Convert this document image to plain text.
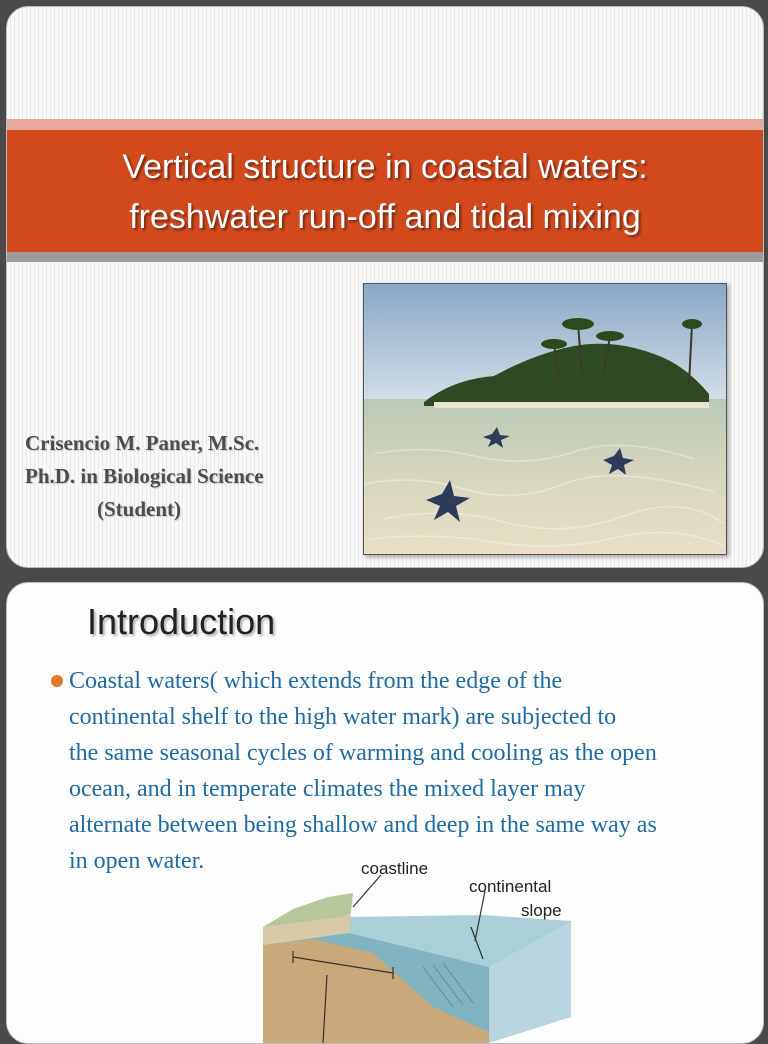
Vertical structure in coastal waters:
freshwater run-off and tidal mixing
Crisencio M. Paner, M.Sc.
Ph.D. in Biological Science
(Student)
Introduction
Coastal waters( which extends from the edge of the
continental shelf to the high water mark) are subjected to
the same seasonal cycles of warming and cooling as the open
ocean, and in temperate climates the mixed layer may
alternate between being shallow and deep in the same way as
in open water.	coastline
continental
slope
